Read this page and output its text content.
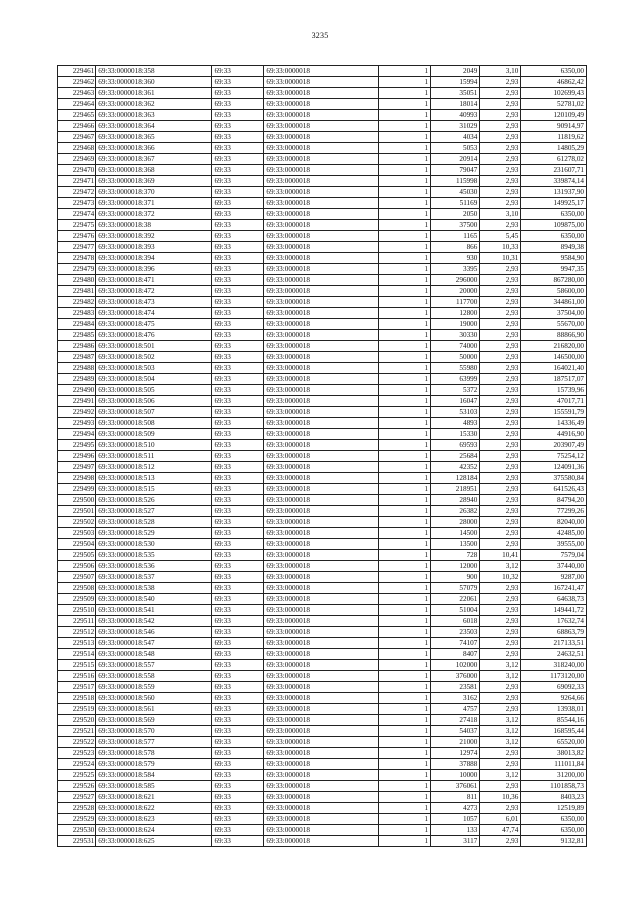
3235
229461	69:33:0000018:358	69:33	69:33:0000018	1	2049	3,10	6350,00
229462	69:33:0000018:360	69:33	69:33:0000018	1	15994	2,93	46862,42
229463	69:33:0000018:361	69:33	69:33:0000018	1	35051	2,93	102699,43
229464	69:33:0000018:362	69:33	69:33:0000018	1	18014	2,93	52781,02
229465	69:33:0000018:363	69:33	69:33:0000018	1	40993	2,93	120109,49
229466	69:33:0000018:364	69:33	69:33:0000018	1	31029	2,93	90914,97
229467	69:33:0000018:365	69:33	69:33:0000018	1	4034	2,93	11819,62
229468	69:33:0000018:366	69:33	69:33:0000018	1	5053	2,93	14805,29
229469	69:33:0000018:367	69:33	69:33:0000018	1	20914	2,93	61278,02
229470	69:33:0000018:368	69:33	69:33:0000018	1	79047	2,93	231607,71
229471	69:33:0000018:369	69:33	69:33:0000018	1	115998	2,93	339874,14
229472	69:33:0000018:370	69:33	69:33:0000018	1	45030	2,93	131937,90
229473	69:33:0000018:371	69:33	69:33:0000018	1	51169	2,93	149925,17
229474	69:33:0000018:372	69:33	69:33:0000018	1	2050	3,10	6350,00
229475	69:33:0000018:38	69:33	69:33:0000018	1	37500	2,93	109875,00
229476	69:33:0000018:392	69:33	69:33:0000018	1	1165	5,45	6350,00
229477	69:33:0000018:393	69:33	69:33:0000018	1	866	10,33	8949,38
229478	69:33:0000018:394	69:33	69:33:0000018	1	930	10,31	9584,90
229479	69:33:0000018:396	69:33	69:33:0000018	1	3395	2,93	9947,35
229480	69:33:0000018:471	69:33	69:33:0000018	1	296000	2,93	867280,00
229481	69:33:0000018:472	69:33	69:33:0000018	1	20000	2,93	58600,00
229482	69:33:0000018:473	69:33	69:33:0000018	1	117700	2,93	344861,00
229483	69:33:0000018:474	69:33	69:33:0000018	1	12800	2,93	37504,00
229484	69:33:0000018:475	69:33	69:33:0000018	1	19000	2,93	55670,00
229485	69:33:0000018:476	69:33	69:33:0000018	1	30330	2,93	88866,90
229486	69:33:0000018:501	69:33	69:33:0000018	1	74000	2,93	216820,00
229487	69:33:0000018:502	69:33	69:33:0000018	1	50000	2,93	146500,00
229488	69:33:0000018:503	69:33	69:33:0000018	1	55980	2,93	164021,40
229489	69:33:0000018:504	69:33	69:33:0000018	1	63999	2,93	187517,07
229490	69:33:0000018:505	69:33	69:33:0000018	1	5372	2,93	15739,96
229491	69:33:0000018:506	69:33	69:33:0000018	1	16047	2,93	47017,71
229492	69:33:0000018:507	69:33	69:33:0000018	1	53103	2,93	155591,79
229493	69:33:0000018:508	69:33	69:33:0000018	1	4893	2,93	14336,49
229494	69:33:0000018:509	69:33	69:33:0000018	1	15330	2,93	44916,90
229495	69:33:0000018:510	69:33	69:33:0000018	1	69593	2,93	203907,49
229496	69:33:0000018:511	69:33	69:33:0000018	1	25684	2,93	75254,12
229497	69:33:0000018:512	69:33	69:33:0000018	1	42352	2,93	124091,36
229498	69:33:0000018:513	69:33	69:33:0000018	1	128184	2,93	375580,84
229499	69:33:0000018:515	69:33	69:33:0000018	1	218951	2,93	641526,43
229500	69:33:0000018:526	69:33	69:33:0000018	1	28940	2,93	84794,20
229501	69:33:0000018:527	69:33	69:33:0000018	1	26382	2,93	77299,26
229502	69:33:0000018:528	69:33	69:33:0000018	1	28000	2,93	82040,00
229503	69:33:0000018:529	69:33	69:33:0000018	1	14500	2,93	42485,00
229504	69:33:0000018:530	69:33	69:33:0000018	1	13500	2,93	39555,00
229505	69:33:0000018:535	69:33	69:33:0000018	1	728	10,41	7579,04
229506	69:33:0000018:536	69:33	69:33:0000018	1	12000	3,12	37440,00
229507	69:33:0000018:537	69:33	69:33:0000018	1	900	10,32	9287,00
229508	69:33:0000018:538	69:33	69:33:0000018	1	57079	2,93	167241,47
229509	69:33:0000018:540	69:33	69:33:0000018	1	22061	2,93	64638,73
229510	69:33:0000018:541	69:33	69:33:0000018	1	51004	2,93	149441,72
229511	69:33:0000018:542	69:33	69:33:0000018	1	6018	2,93	17632,74
229512	69:33:0000018:546	69:33	69:33:0000018	1	23503	2,93	68863,79
229513	69:33:0000018:547	69:33	69:33:0000018	1	74107	2,93	217133,51
229514	69:33:0000018:548	69:33	69:33:0000018	1	8407	2,93	24632,51
229515	69:33:0000018:557	69:33	69:33:0000018	1	102000	3,12	318240,00
229516	69:33:0000018:558	69:33	69:33:0000018	1	376000	3,12	1173120,00
229517	69:33:0000018:559	69:33	69:33:0000018	1	23581	2,93	69092,33
229518	69:33:0000018:560	69:33	69:33:0000018	1	3162	2,93	9264,66
229519	69:33:0000018:561	69:33	69:33:0000018	1	4757	2,93	13938,01
229520	69:33:0000018:569	69:33	69:33:0000018	1	27418	3,12	85544,16
229521	69:33:0000018:570	69:33	69:33:0000018	1	54037	3,12	168595,44
229522	69:33:0000018:577	69:33	69:33:0000018	1	21000	3,12	65520,00
229523	69:33:0000018:578	69:33	69:33:0000018	1	12974	2,93	38013,82
229524	69:33:0000018:579	69:33	69:33:0000018	1	37888	2,93	111011,84
229525	69:33:0000018:584	69:33	69:33:0000018	1	10000	3,12	31200,00
229526	69:33:0000018:585	69:33	69:33:0000018	1	376061	2,93	1101858,73
229527	69:33:0000018:621	69:33	69:33:0000018	1	811	10,36	8403,23
229528	69:33:0000018:622	69:33	69:33:0000018	1	4273	2,93	12519,89
229529	69:33:0000018:623	69:33	69:33:0000018	1	1057	6,01	6350,00
229530	69:33:0000018:624	69:33	69:33:0000018	1	133	47,74	6350,00
229531	69:33:0000018:625	69:33	69:33:0000018	1	3117	2,93	9132,81
